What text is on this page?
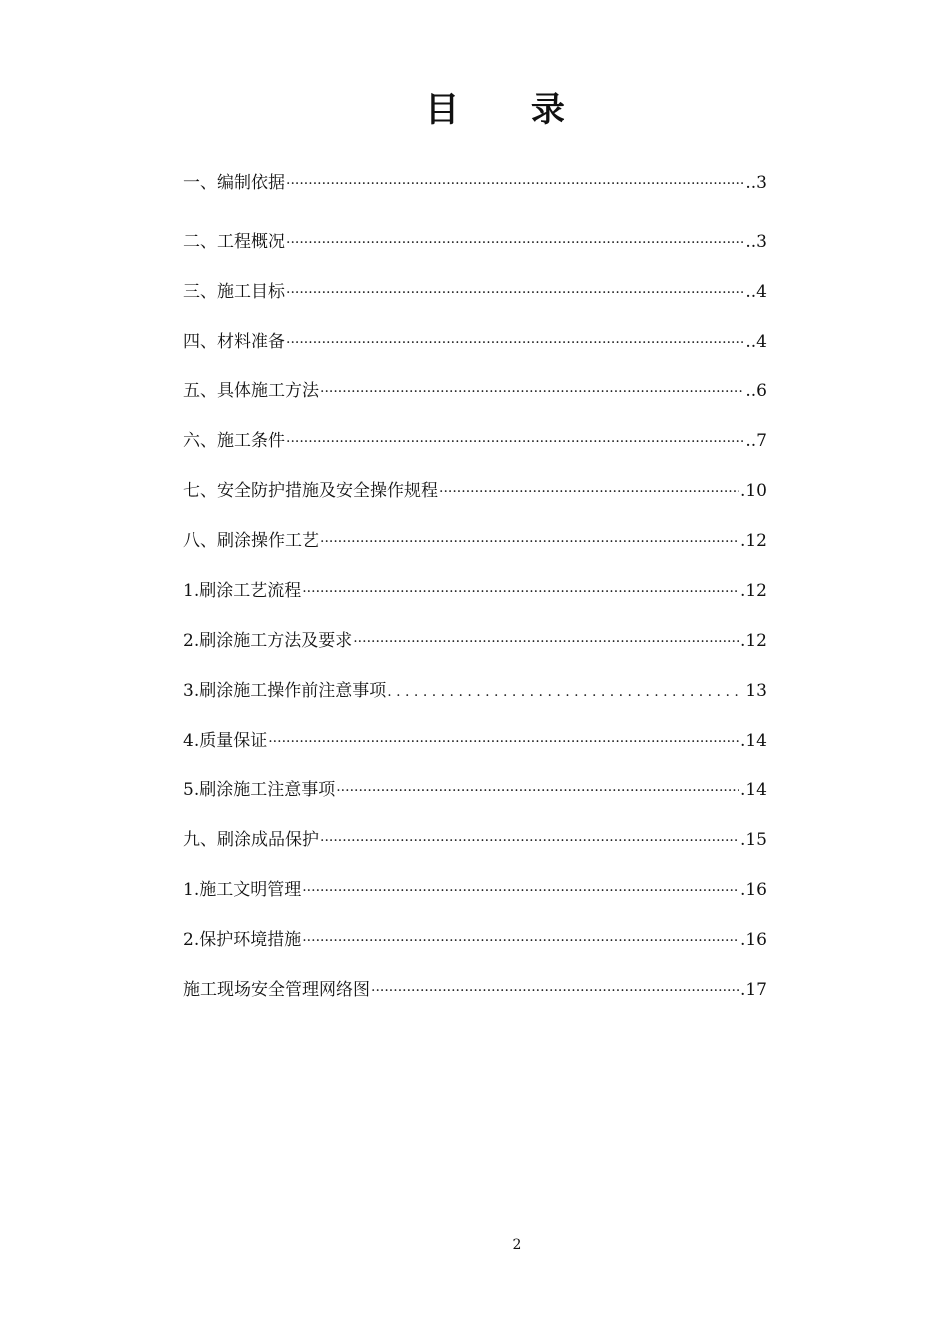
目 录
一、编制依据 ·····	..3
二、工程概况 ·····	..3
三、施工目标 ·····	..4
四、材料准备 ·····	..4
五、具体施工方法 ·····	..6
六、施工条件 ·····	..7
七、安全防护措施及安全操作规程 ·····	.10
八、刷涂操作工艺 ·····	.12
1.刷涂工艺流程 ·····	.12
2.刷涂施工方法及要求 ·····	.12
3.刷涂施工操作前注意事项 . . .	13
4.质量保证 ·····	.14
5.刷涂施工注意事项 ·····	.14
九、刷涂成品保护 ·····	.15
1.施工文明管理 ·····	.16
2.保护环境措施 ·····	.16
施工现场安全管理网络图 ·····	.17
2
